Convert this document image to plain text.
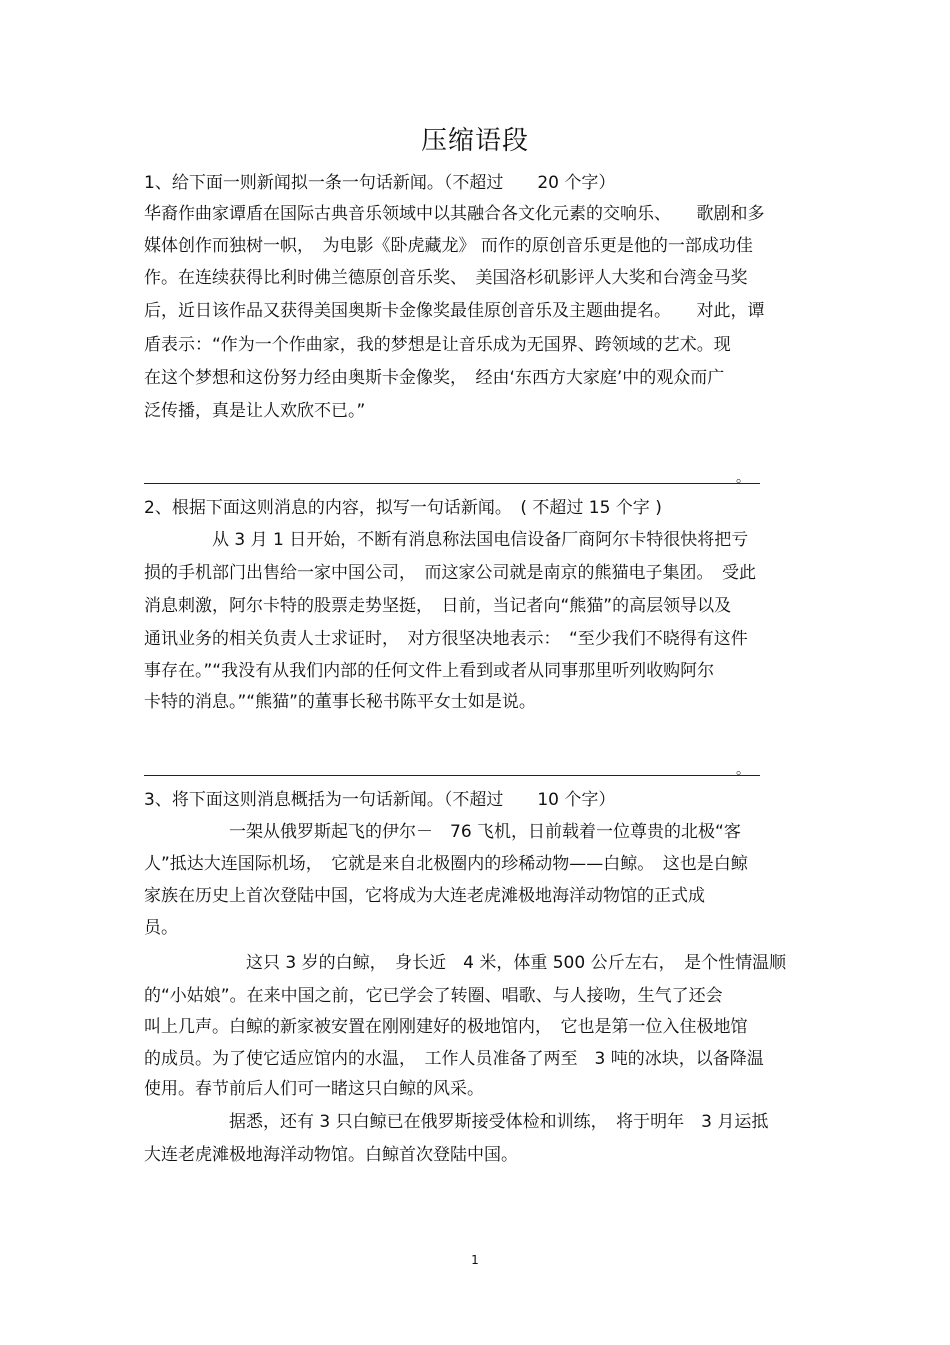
压缩语段
1、给下面一则新闻拟一条一句话新闻。（不超过　　20 个字）
华裔作曲家谭盾在国际古典音乐领域中以其融合各文化元素的交响乐、　　歌剧和多
媒体创作而独树一帜，　为电影《卧虎藏龙》 而作的原创音乐更是他的一部成功佳
作。在连续获得比利时佛兰德原创音乐奖、　美国洛杉矶影评人大奖和台湾金马奖
后，近日该作品又获得美国奥斯卡金像奖最佳原创音乐及主题曲提名。　　对此，谭
盾表示：“作为一个作曲家，我的梦想是让音乐成为无国界、跨领域的艺术。现
在这个梦想和这份努力经由奥斯卡金像奖，　经由‘东西方大家庭’中的观众而广
泛传播，真是让人欢欣不已。”
。
2、根据下面这则消息的内容，拟写一句话新闻。　( 不超过 15 个字 )
　　　　从 3 月 1 日开始，不断有消息称法国电信设备厂商阿尔卡特很快将把亏
损的手机部门出售给一家中国公司，　而这家公司就是南京的熊猫电子集团。　受此
消息刺激，阿尔卡特的股票走势坚挺，　日前，当记者向“熊猫”的高层领导以及
通讯业务的相关负责人士求证时，　对方很坚决地表示：　“至少我们不晓得有这件
事存在。”“我没有从我们内部的任何文件上看到或者从同事那里听列收购阿尔
卡特的消息。”“熊猫”的董事长秘书陈平女士如是说。
。
3、将下面这则消息概括为一句话新闻。（不超过　　10 个字）
　　　　　一架从俄罗斯起飞的伊尔－　76 飞机，日前载着一位尊贵的北极“客
人”抵达大连国际机场，　它就是来自北极圈内的珍稀动物——白鲸。　这也是白鲸
家族在历史上首次登陆中国，它将成为大连老虎滩极地海洋动物馆的正式成
员。
　　　　　　这只 3 岁的白鲸，　身长近　4 米，体重 500 公斤左右，　是个性情温顺
的“小姑娘”。在来中国之前，它已学会了转圈、唱歌、与人接吻，生气了还会
叫上几声。白鲸的新家被安置在刚刚建好的极地馆内，　它也是第一位入住极地馆
的成员。为了使它适应馆内的水温，　工作人员准备了两至　3 吨的冰块，以备降温
使用。春节前后人们可一睹这只白鲸的风采。
　　　　　据悉，还有 3 只白鲸已在俄罗斯接受体检和训练，　将于明年　3 月运抵
大连老虎滩极地海洋动物馆。白鲸首次登陆中国。
1
